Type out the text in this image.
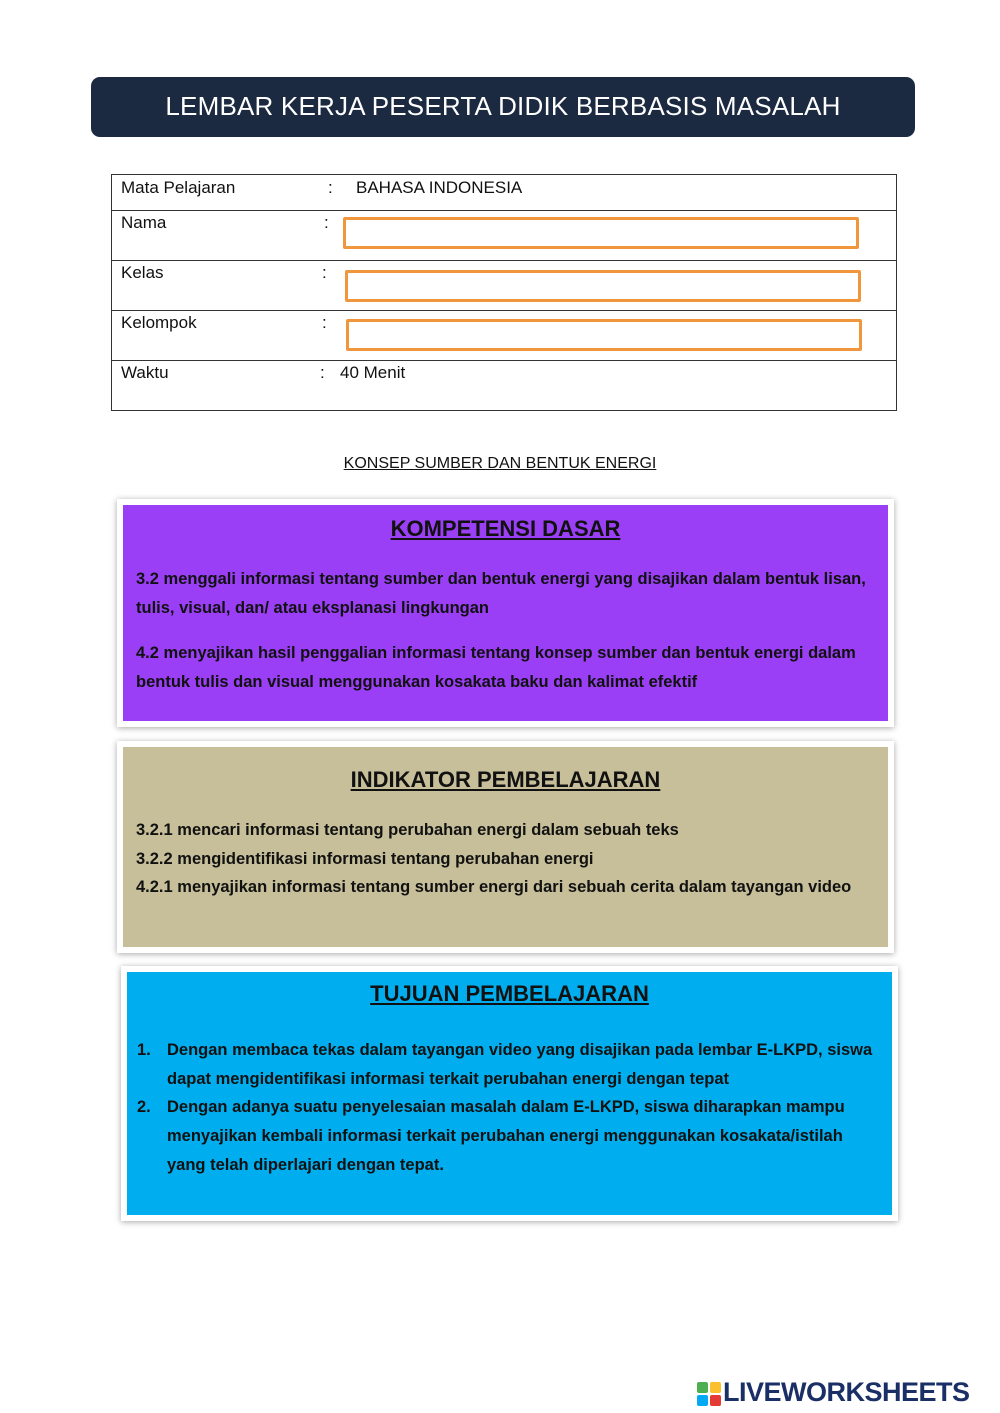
LEMBAR KERJA PESERTA DIDIK BERBASIS MASALAH
Mata Pelajaran	: BAHASA INDONESIA
Nama	:
Kelas	:
Kelompok	:
Waktu	: 40 Menit
KONSEP SUMBER DAN BENTUK ENERGI
KOMPETENSI DASAR
3.2 menggali informasi tentang sumber dan bentuk energi yang disajikan dalam bentuk lisan, tulis, visual, dan/ atau eksplanasi lingkungan
4.2 menyajikan hasil penggalian informasi tentang konsep sumber dan bentuk energi dalam bentuk tulis dan visual menggunakan kosakata baku dan kalimat efektif
INDIKATOR PEMBELAJARAN
3.2.1 mencari informasi tentang perubahan energi dalam sebuah teks
3.2.2 mengidentifikasi informasi tentang perubahan energi
4.2.1 menyajikan informasi tentang sumber energi dari sebuah cerita dalam tayangan video
TUJUAN PEMBELAJARAN
1. Dengan membaca tekas dalam tayangan video yang disajikan pada lembar E-LKPD, siswa dapat mengidentifikasi informasi terkait perubahan energi dengan tepat
2. Dengan adanya suatu penyelesaian masalah dalam E-LKPD, siswa diharapkan mampu menyajikan kembali informasi terkait perubahan energi menggunakan kosakata/istilah yang telah diperlajari dengan tepat.
LIVEWORKSHEETS
